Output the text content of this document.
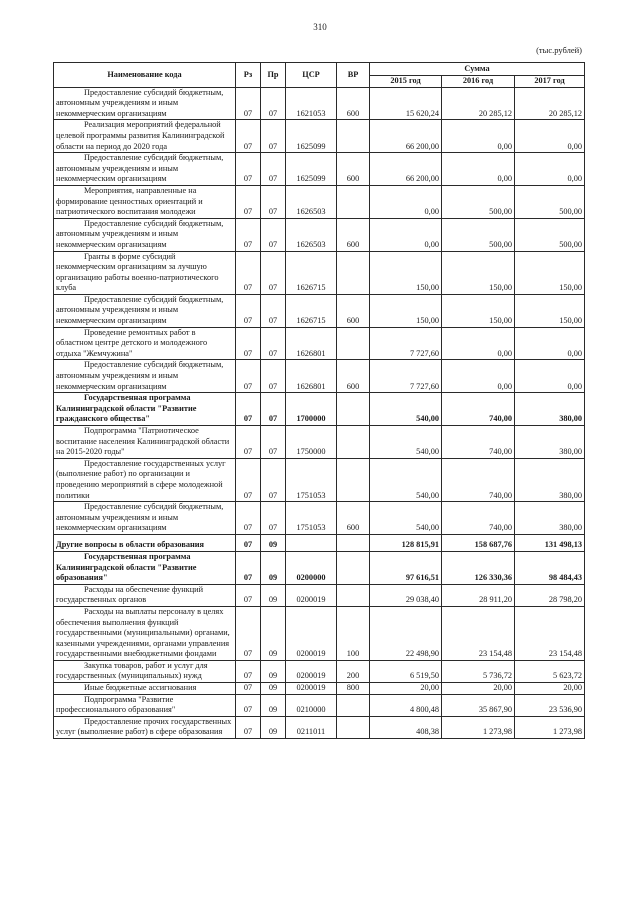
310
(тыс.рублей)
Наименование кода	Рз	Пр	ЦСР	ВР	Сумма		
					2015 год	2016 год	2017 год
Предоставление субсидий бюджетным, автономным учреждениям и иным некоммерческим организациям	07	07	1621053	600	15 620,24	20 285,12	20 285,12
Реализация мероприятий федеральной целевой программы развития Калининградской области на период до 2020 года	07	07	1625099		66 200,00	0,00	0,00
Предоставление субсидий бюджетным, автономным учреждениям и иным некоммерческим организациям	07	07	1625099	600	66 200,00	0,00	0,00
Мероприятия, направленные на формирование ценностных ориентаций и патриотического воспитания молодежи	07	07	1626503		0,00	500,00	500,00
Предоставление субсидий бюджетным, автономным учреждениям и иным некоммерческим организациям	07	07	1626503	600	0,00	500,00	500,00
Гранты в форме субсидий некоммерческим организациям за лучшую организацию работы военно-патриотического клуба	07	07	1626715		150,00	150,00	150,00
Предоставление субсидий бюджетным, автономным учреждениям и иным некоммерческим организациям	07	07	1626715	600	150,00	150,00	150,00
Проведение ремонтных работ в областном центре детского и молодежного отдыха "Жемчужина"	07	07	1626801		7 727,60	0,00	0,00
Предоставление субсидий бюджетным, автономным учреждениям и иным некоммерческим организациям	07	07	1626801	600	7 727,60	0,00	0,00
Государственная программа Калининградской области "Развитие гражданского общества"	07	07	1700000		540,00	740,00	380,00
Подпрограмма "Патриотическое воспитание населения Калининградской области на 2015-2020 годы"	07	07	1750000		540,00	740,00	380,00
Предоставление государственных услуг (выполнение работ) по организации и проведению мероприятий в сфере молодежной политики	07	07	1751053		540,00	740,00	380,00
Предоставление субсидий бюджетным, автономным учреждениям и иным некоммерческим организациям	07	07	1751053	600	540,00	740,00	380,00
Другие вопросы в области образования	07	09			128 815,91	158 687,76	131 498,13
Государственная программа Калининградской области "Развитие образования"	07	09	0200000		97 616,51	126 330,36	98 484,43
Расходы на обеспечение функций государственных органов	07	09	0200019		29 038,40	28 911,20	28 798,20
Расходы на выплаты персоналу в целях обеспечения выполнения функций государственными (муниципальными) органами, казенными учреждениями, органами управления государственными внебюджетными фондами	07	09	0200019	100	22 498,90	23 154,48	23 154,48
Закупка товаров, работ и услуг для государственных (муниципальных) нужд	07	09	0200019	200	6 519,50	5 736,72	5 623,72
Иные бюджетные ассигнования	07	09	0200019	800	20,00	20,00	20,00
Подпрограмма "Развитие профессионального образования"	07	09	0210000		4 800,48	35 867,90	23 536,90
Предоставление прочих государственных услуг (выполнение работ) в сфере образования	07	09	0211011		408,38	1 273,98	1 273,98
